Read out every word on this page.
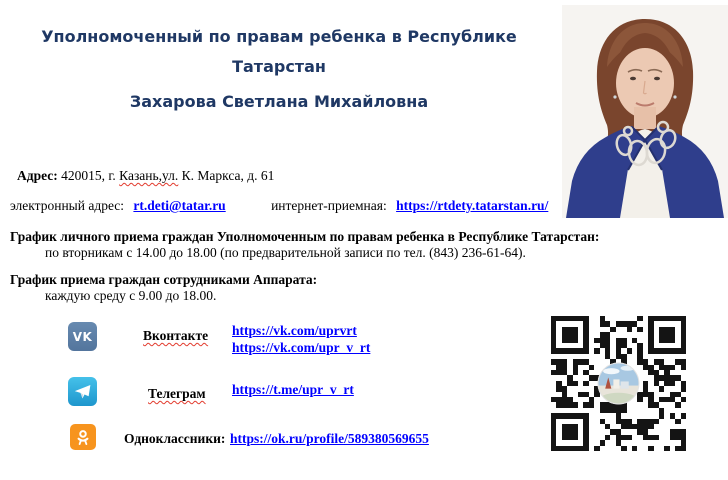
Уполномоченный по правам ребенка в Республике
Татарстан
Захарова Светлана Михайловна
Адрес: 420015, г. Казань,ул. К. Маркса, д. 61
электронный адрес: rt.deti@tatar.ru	интернет-приемная: https://rtdety.tatarstan.ru/
График личного приема граждан Уполномоченным по правам ребенка в Республике Татарстан:
по вторникам с 14.00 до 18.00 (по предварительной записи по тел. (843) 236-61-64).
График приема граждан сотрудниками Аппарата:
каждую среду с 9.00 до 18.00.
VK	Вконтакте https://vk.com/uprvrt
https://vk.com/upr_v_rt
Телеграм https://t.me/upr_v_rt
Одноклассники: https://ok.ru/profile/589380569655
